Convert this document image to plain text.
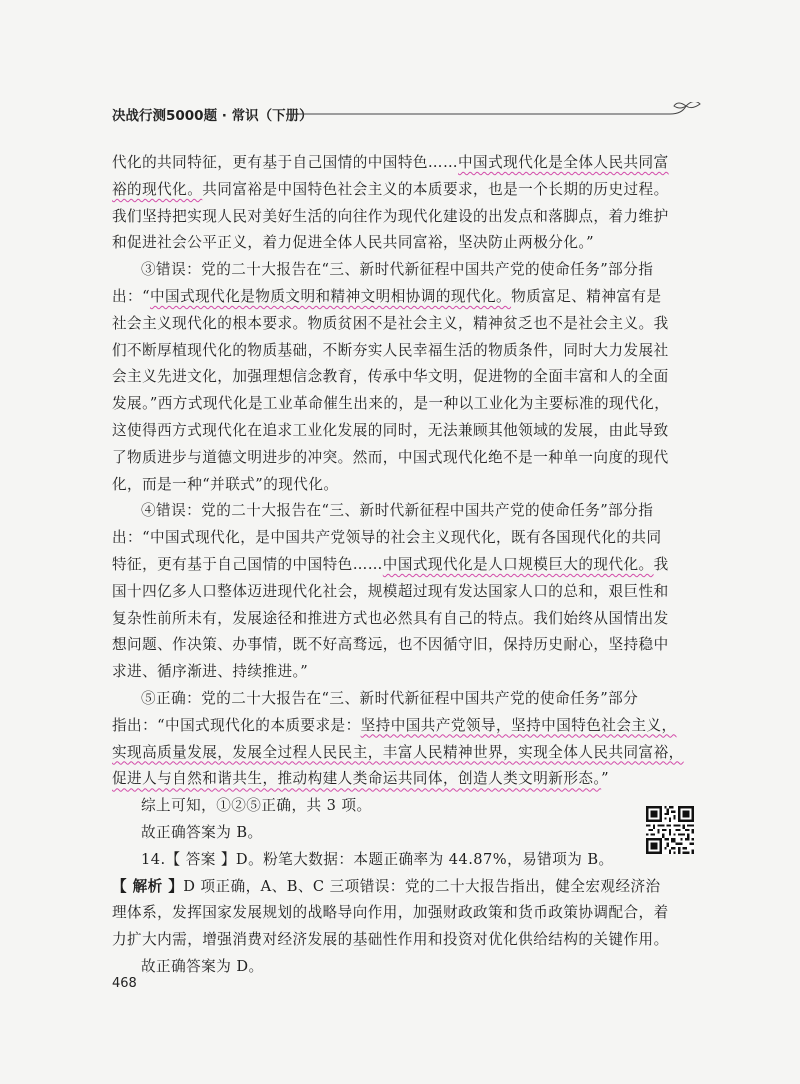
决战行测5000题 · 常识（下册）
代化的共同特征，更有基于自己国情的中国特色……中国式现代化是全体人民共同富
裕的现代化。共同富裕是中国特色社会主义的本质要求，也是一个长期的历史过程。
我们坚持把实现人民对美好生活的向往作为现代化建设的出发点和落脚点，着力维护
和促进社会公平正义，着力促进全体人民共同富裕，坚决防止两极分化。”
③错误：党的二十大报告在“三、新时代新征程中国共产党的使命任务”部分指
出：“中国式现代化是物质文明和精神文明相协调的现代化。物质富足、精神富有是
社会主义现代化的根本要求。物质贫困不是社会主义，精神贫乏也不是社会主义。我
们不断厚植现代化的物质基础，不断夯实人民幸福生活的物质条件，同时大力发展社
会主义先进文化，加强理想信念教育，传承中华文明，促进物的全面丰富和人的全面
发展。”西方式现代化是工业革命催生出来的，是一种以工业化为主要标准的现代化，
这使得西方式现代化在追求工业化发展的同时，无法兼顾其他领域的发展，由此导致
了物质进步与道德文明进步的冲突。然而，中国式现代化绝不是一种单一向度的现代
化，而是一种“并联式”的现代化。
④错误：党的二十大报告在“三、新时代新征程中国共产党的使命任务”部分指
出：“中国式现代化，是中国共产党领导的社会主义现代化，既有各国现代化的共同
特征，更有基于自己国情的中国特色……中国式现代化是人口规模巨大的现代化。我
国十四亿多人口整体迈进现代化社会，规模超过现有发达国家人口的总和，艰巨性和
复杂性前所未有，发展途径和推进方式也必然具有自己的特点。我们始终从国情出发
想问题、作决策、办事情，既不好高骛远，也不因循守旧，保持历史耐心，坚持稳中
求进、循序渐进、持续推进。”
⑤正确：党的二十大报告在“三、新时代新征程中国共产党的使命任务”部分
指出：“中国式现代化的本质要求是：坚持中国共产党领导，坚持中国特色社会主义，
实现高质量发展，发展全过程人民民主，丰富人民精神世界，实现全体人民共同富裕，
促进人与自然和谐共生，推动构建人类命运共同体，创造人类文明新形态。”
综上可知，①②⑤正确，共 3 项。
故正确答案为 B。
14.【 答案 】D。粉笔大数据：本题正确率为 44.87%，易错项为 B。
【 解析 】D 项正确，A、B、C 三项错误：党的二十大报告指出，健全宏观经济治
理体系，发挥国家发展规划的战略导向作用，加强财政政策和货币政策协调配合，着
力扩大内需，增强消费对经济发展的基础性作用和投资对优化供给结构的关键作用。
故正确答案为 D。
468
